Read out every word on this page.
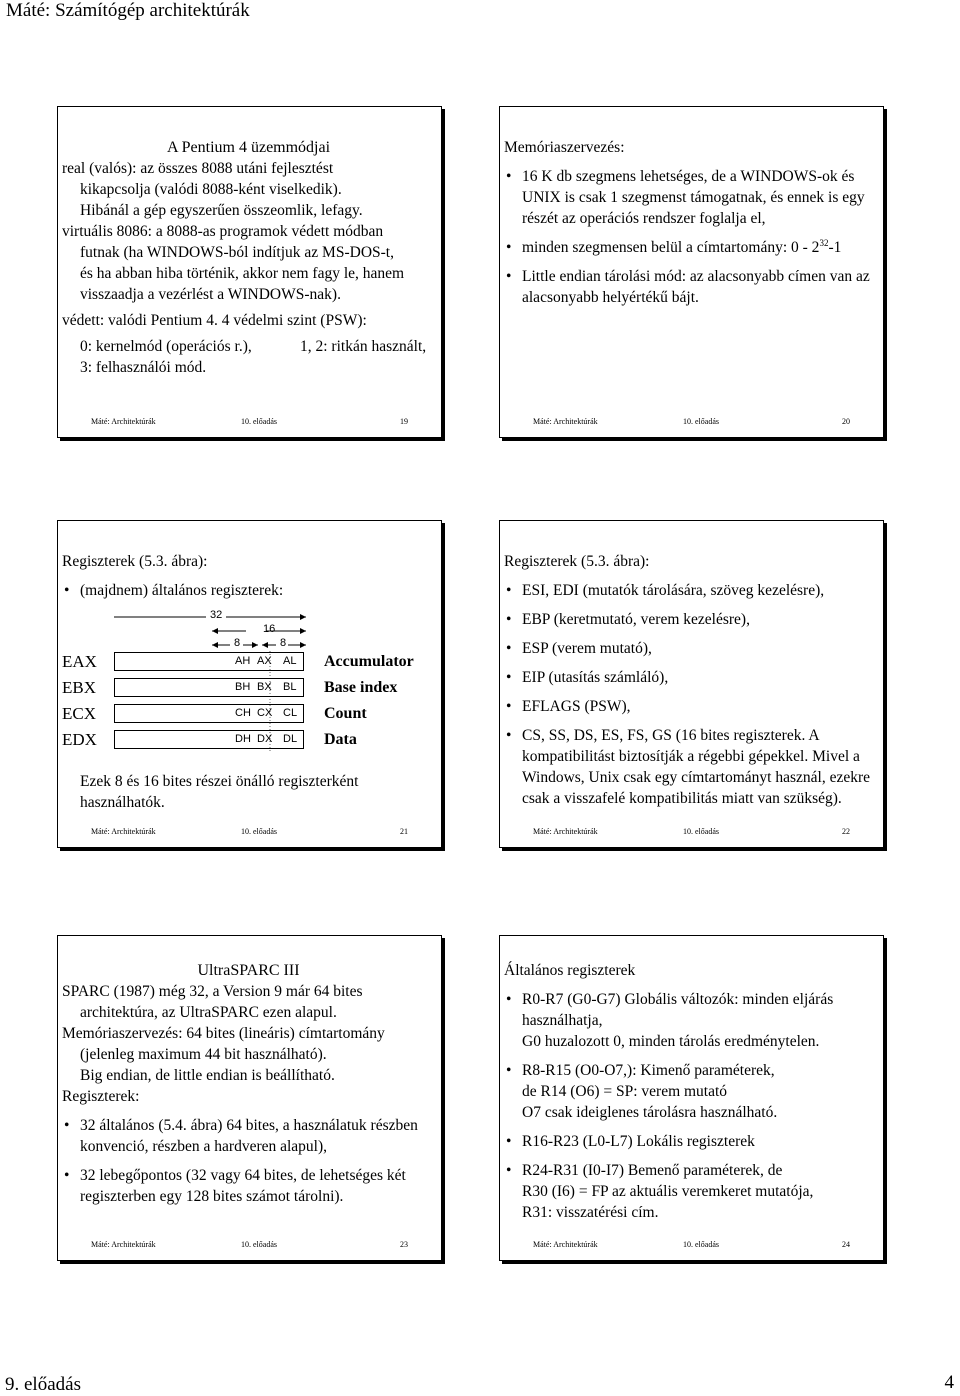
Máté: Számítógép architektúrák
A Pentium 4 üzemmódjai
real (valós): az összes 8088 utáni fejlesztést
kikapcsolja (valódi 8088-ként viselkedik).
Hibánál a gép egyszerűen összeomlik, lefagy.
virtuális 8086: a 8088-as programok védett módban
futnak (ha WINDOWS-ból indítjuk az MS-DOS-t,
és ha abban hiba történik, akkor nem fagy le, hanem
visszaadja a vezérlést a WINDOWS-nak).
védett: valódi Pentium 4. 4 védelmi szint (PSW):
0: kernelmód (operációs r.),	1, 2: ritkán használt,
3: felhasználói mód.
Máté: Architektúrák	10. előadás	19
Memóriaszervezés:
• 16 K db szegmens lehetséges, de a WINDOWS-ok és UNIX is csak 1 szegmenst támogatnak, és ennek is egy részét az operációs rendszer foglalja el,
• minden szegmensen belül a címtartomány: $0 - 2^{32}-1$
• Little endian tárolási mód: az alacsonyabb címen van az alacsonyabb helyértékű bájt.
Máté: Architektúrák	10. előadás	20
Regiszterek (5.3. ábra):
• (majdnem) általános regiszterek:
32
16
8	8
EAX	AH AX AL Accumulator
EBX	BH BX BL Base index
ECX	CH CX CL Count
EDX	DH DX DL Data
Ezek 8 és 16 bites részei önálló regiszterként
használhatók.
Máté: Architektúrák	10. előadás	21
Regiszterek (5.3. ábra):
• ESI, EDI (mutatók tárolására, szöveg kezelésre),
• EBP (keretmutató, verem kezelésre),
• ESP (verem mutató),
• EIP (utasítás számláló),
• EFLAGS (PSW),
• CS, SS, DS, ES, FS, GS (16 bites regiszterek. A kompatibilitást biztosítják a régebbi gépekkel. Mivel a Windows, Unix csak egy címtartományt használ, ezekre csak a visszafelé kompatibilitás miatt van szükség).
Máté: Architektúrák	10. előadás	22
UltraSPARC III
SPARC (1987) még 32, a Version 9 már 64 bites
architektúra, az UltraSPARC ezen alapul.
Memóriaszervezés: 64 bites (lineáris) címtartomány
(jelenleg maximum 44 bit használható).
Big endian, de little endian is beállítható.
Regiszterek:
• 32 általános (5.4. ábra) 64 bites, a használatuk részben konvenció, részben a hardveren alapul),
• 32 lebegőpontos (32 vagy 64 bites, de lehetséges két regiszterben egy 128 bites számot tárolni).
Máté: Architektúrák	10. előadás	23
Általános regiszterek
• R0-R7 (G0-G7) Globális változók: minden eljárás használhatja,
G0 huzalozott 0, minden tárolás eredménytelen.
• R8-R15 (O0-O7,): Kimenő paraméterek,
de R14 (O6) = SP: verem mutató
O7 csak ideiglenes tárolásra használható.
• R16-R23 (L0-L7) Lokális regiszterek
• R24-R31 (I0-I7) Bemenő paraméterek, de
R30 (I6) = FP az aktuális veremkeret mutatója,
R31: visszatérési cím.
Máté: Architektúrák	10. előadás	24
9. előadás	4
